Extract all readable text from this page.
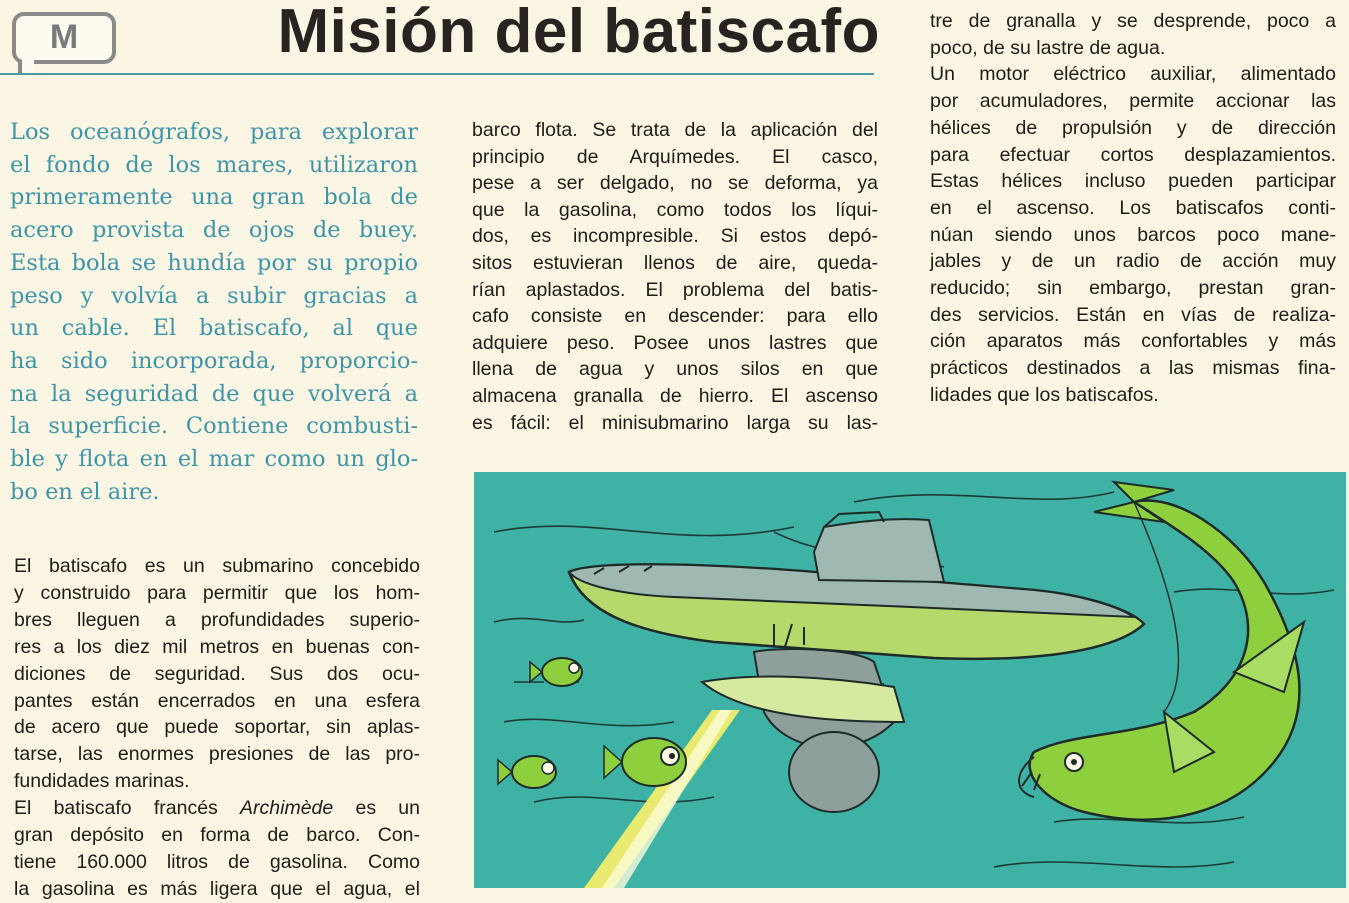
M	Misión del batiscafo
Los oceanógrafos, para explorar
el fondo de los mares, utilizaron
primeramente una gran bola de
acero provista de ojos de buey.
Esta bola se hundía por su propio
peso y volvía a subir gracias a
un cable. El batiscafo, al que
ha sido incorporada, proporcio-
na la seguridad de que volverá a
la superficie. Contiene combusti-
ble y flota en el mar como un glo-
bo en el aire.
El batiscafo es un submarino concebido
y construido para permitir que los hom-
bres lleguen a profundidades superio-
res a los diez mil metros en buenas con-
diciones de seguridad. Sus dos ocu-
pantes están encerrados en una esfera
de acero que puede soportar, sin aplas-
tarse, las enormes presiones de las pro-
fundidades marinas.
El batiscafo francés Archimède es un
gran depósito en forma de barco. Con-
tiene 160.000 litros de gasolina. Como
la gasolina es más ligera que el agua, el
barco flota. Se trata de la aplicación del
principio de Arquímedes. El casco,
pese a ser delgado, no se deforma, ya
que la gasolina, como todos los líqui-
dos, es incompresible. Si estos depó-
sitos estuvieran llenos de aire, queda-
rían aplastados. El problema del batis-
cafo consiste en descender: para ello
adquiere peso. Posee unos lastres que
llena de agua y unos silos en que
almacena granalla de hierro. El ascenso
es fácil: el minisubmarino larga su las-
tre de granalla y se desprende, poco a
poco, de su lastre de agua.
Un motor eléctrico auxiliar, alimentado
por acumuladores, permite accionar las
hélices de propulsión y de dirección
para efectuar cortos desplazamientos.
Estas hélices incluso pueden participar
en el ascenso. Los batiscafos conti-
núan siendo unos barcos poco mane-
jables y de un radio de acción muy
reducido; sin embargo, prestan gran-
des servicios. Están en vías de realiza-
ción aparatos más confortables y más
prácticos destinados a las mismas fina-
lidades que los batiscafos.
